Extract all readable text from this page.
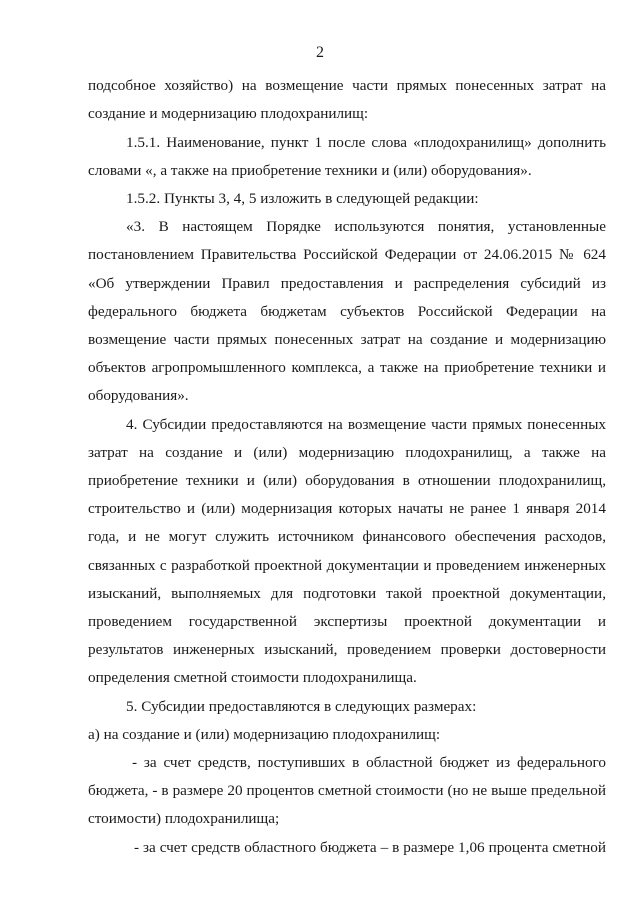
2
подсобное хозяйство) на возмещение части прямых понесенных затрат на
создание и модернизацию плодохранилищ:
1.5.1. Наименование, пункт 1 после слова «плодохранилищ» дополнить
словами «, а также на приобретение техники и (или) оборудования».
1.5.2. Пункты 3, 4, 5 изложить в следующей редакции:
«3. В настоящем Порядке используются понятия, установленные
постановлением Правительства Российской Федерации от 24.06.2015 № 624
«Об утверждении Правил предоставления и распределения субсидий из
федерального бюджета бюджетам субъектов Российской Федерации на
возмещение части прямых понесенных затрат на создание и модернизацию
объектов агропромышленного комплекса, а также на приобретение техники и
оборудования».
4. Субсидии предоставляются на возмещение части прямых понесенных
затрат на создание и (или) модернизацию плодохранилищ, а также на
приобретение техники и (или) оборудования в отношении плодохранилищ,
строительство и (или) модернизация которых начаты не ранее 1 января 2014
года, и не могут служить источником финансового обеспечения расходов,
связанных с разработкой проектной документации и проведением инженерных
изысканий, выполняемых для подготовки такой проектной документации,
проведением государственной экспертизы проектной документации и
результатов инженерных изысканий, проведением проверки достоверности
определения сметной стоимости плодохранилища.
5. Субсидии предоставляются в следующих размерах:
а) на создание и (или) модернизацию плодохранилищ:
- за счет средств, поступивших в областной бюджет из федерального
бюджета, - в размере 20 процентов сметной стоимости (но не выше предельной
стоимости) плодохранилища;
- за счет средств областного бюджета – в размере 1,06 процента сметной
